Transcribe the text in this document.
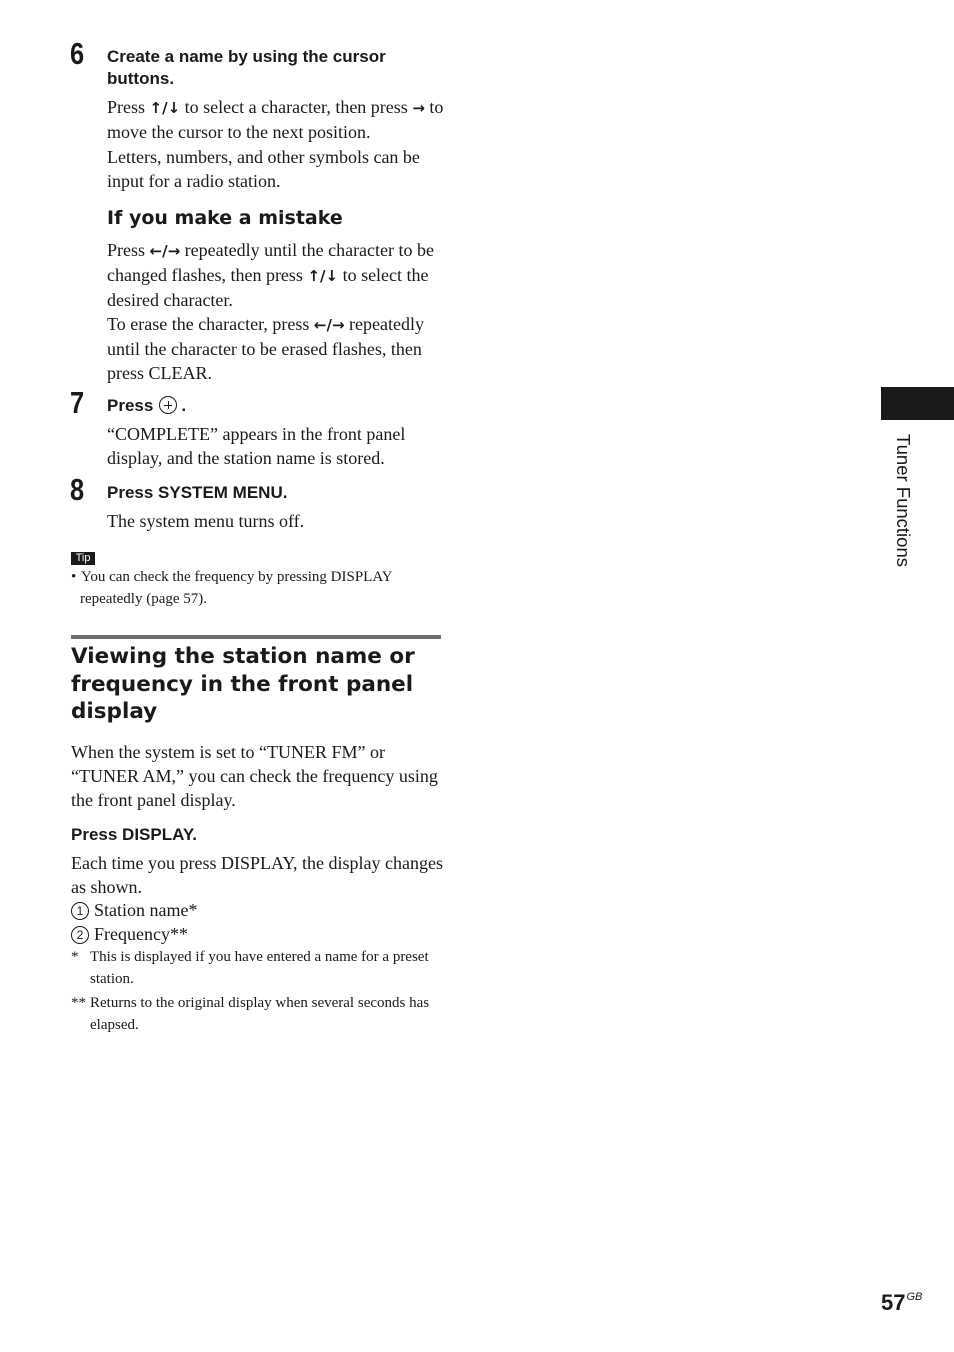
6 Create a name by using the cursor buttons.
Press ↑/↓ to select a character, then press → to move the cursor to the next position.
Letters, numbers, and other symbols can be input for a radio station.
If you make a mistake
Press ←/→ repeatedly until the character to be changed flashes, then press ↑/↓ to select the desired character.
To erase the character, press ←/→ repeatedly until the character to be erased flashes, then press CLEAR.
7 Press .
“COMPLETE” appears in the front panel display, and the station name is stored.
8 Press SYSTEM MENU.
The system menu turns off.
Tip
• You can check the frequency by pressing DISPLAY
repeatedly (page 57).
Viewing the station name or frequency in the front panel display
When the system is set to “TUNER FM” or “TUNER AM,” you can check the frequency using the front panel display.
Press DISPLAY.
Each time you press DISPLAY, the display changes as shown.
1 Station name*
2 Frequency**
* This is displayed if you have entered a name for a preset station.
** Returns to the original display when several seconds has elapsed.
Tuner Functions
$57^{GB}$
